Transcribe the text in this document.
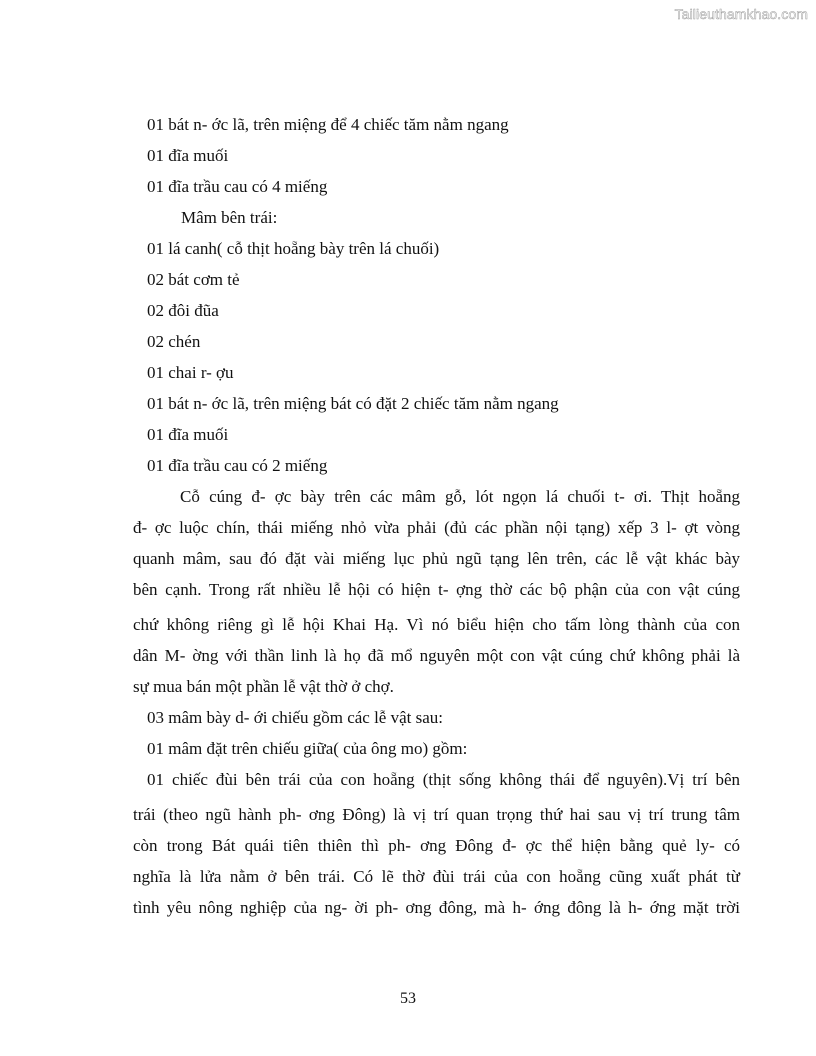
Tailieuthamkhao.com
01 bát n- ớc lã, trên miệng để 4 chiếc tăm nằm ngang
01 đĩa muối
01 đĩa trầu cau có 4 miếng
Mâm bên trái:
01 lá canh( cỗ thịt hoẵng bày trên lá chuối)
02 bát cơm tẻ
02 đôi đũa
02 chén
01 chai r- ợu
01 bát n- ớc lã, trên miệng bát có đặt 2 chiếc tăm nằm ngang
01 đĩa muối
01 đĩa trầu cau có 2 miếng
Cỗ cúng đ- ợc bày trên các mâm gỗ, lót ngọn lá chuối t- ơi. Thịt hoẵng
đ- ợc luộc chín, thái miếng nhỏ vừa phải (đủ các phần nội tạng) xếp 3 l- ợt vòng
quanh mâm, sau đó đặt vài miếng lục phủ ngũ tạng lên trên, các lễ vật khác bày
bên cạnh. Trong rất nhiều lễ hội có hiện t- ợng thờ các bộ phận của con vật cúng
chứ không riêng gì lễ hội Khai Hạ. Vì nó biểu hiện cho tấm lòng thành của con
dân M- ờng với thần linh là họ đã mổ nguyên một con vật cúng chứ không phải là
sự mua bán một phần lễ vật thờ ở chợ.
03 mâm bày d- ới chiếu gồm các lễ vật sau:
01 mâm đặt trên chiếu giữa( của ông mo) gồm:
01 chiếc đùi bên trái của con hoẵng (thịt sống không thái để nguyên).Vị trí bên
trái (theo ngũ hành ph- ơng Đông) là vị trí quan trọng thứ hai sau vị trí trung tâm
còn trong Bát quái tiên thiên thì ph- ơng Đông đ- ợc thể hiện bằng quẻ ly- có
nghĩa là lửa nằm ở bên trái. Có lẽ thờ đùi trái của con hoẵng cũng xuất phát từ
tình yêu nông nghiệp của ng- ời ph- ơng đông, mà h- ớng đông là h- ớng mặt trời
53
